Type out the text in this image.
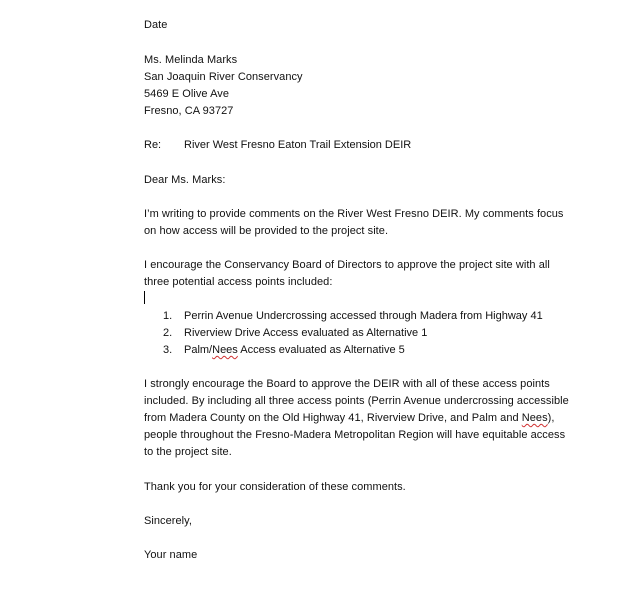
Date
Ms. Melinda Marks
San Joaquin River Conservancy
5469 E Olive Ave
Fresno, CA 93727
Re: River West Fresno Eaton Trail Extension DEIR
Dear Ms. Marks:
I’m writing to provide comments on the River West Fresno DEIR. My comments focus
on how access will be provided to the project site.
I encourage the Conservancy Board of Directors to approve the project site with all
three potential access points included:
1. Perrin Avenue Undercrossing accessed through Madera from Highway 41
2. Riverview Drive Access evaluated as Alternative 1
3. Palm/Nees Access evaluated as Alternative 5
I strongly encourage the Board to approve the DEIR with all of these access points
included. By including all three access points (Perrin Avenue undercrossing accessible
from Madera County on the Old Highway 41, Riverview Drive, and Palm and Nees),
people throughout the Fresno-Madera Metropolitan Region will have equitable access
to the project site.
Thank you for your consideration of these comments.
Sincerely,
Your name
